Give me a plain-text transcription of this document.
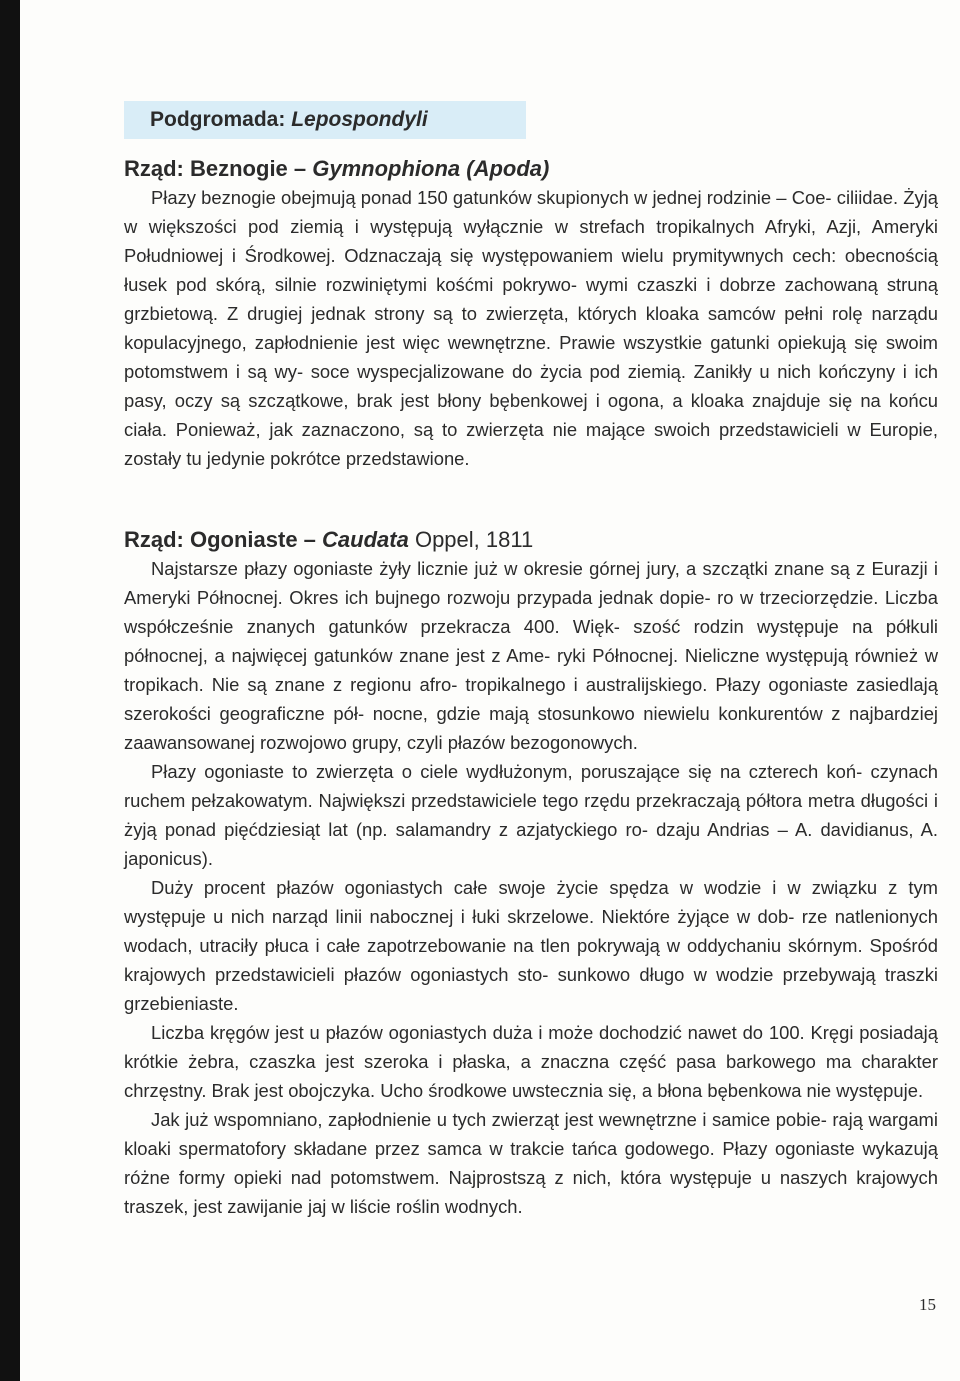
Podgromada: Lepospondyli
Rząd: Beznogie – Gymnophiona (Apoda)

Płazy beznogie obejmują ponad 150 gatunków skupionych w jednej rodzinie – Coe- ciliidae. Żyją w większości pod ziemią i występują wyłącznie w strefach tropikalnych Afryki, Azji, Ameryki Południowej i Środkowej. Odznaczają się występowaniem wielu prymitywnych cech: obecnością łusek pod skórą, silnie rozwiniętymi kośćmi pokrywo- wymi czaszki i dobrze zachowaną struną grzbietową. Z drugiej jednak strony są to zwierzęta, których kloaka samców pełni rolę narządu kopulacyjnego, zapłodnienie jest więc wewnętrzne. Prawie wszystkie gatunki opiekują się swoim potomstwem i są wy- soce wyspecjalizowane do życia pod ziemią. Zanikły u nich kończyny i ich pasy, oczy są szczątkowe, brak jest błony bębenkowej i ogona, a kloaka znajduje się na końcu ciała. Ponieważ, jak zaznaczono, są to zwierzęta nie mające swoich przedstawicieli w Europie, zostały tu jedynie pokrótce przedstawione.

Rząd: Ogoniaste – Caudata Oppel, 1811

Najstarsze płazy ogoniaste żyły licznie już w okresie górnej jury, a szczątki znane są z Eurazji i Ameryki Północnej. Okres ich bujnego rozwoju przypada jednak dopie- ro w trzeciorzędzie. Liczba współcześnie znanych gatunków przekracza 400. Więk- szość rodzin występuje na półkuli północnej, a najwięcej gatunków znane jest z Ame- ryki Północnej. Nieliczne występują również w tropikach. Nie są znane z regionu afro- tropikalnego i australijskiego. Płazy ogoniaste zasiedlają szerokości geograficzne pół- nocne, gdzie mają stosunkowo niewielu konkurentów z najbardziej zaawansowanej rozwojowo grupy, czyli płazów bezogonowych.

Płazy ogoniaste to zwierzęta o ciele wydłużonym, poruszające się na czterech koń- czynach ruchem pełzakowatym. Największi przedstawiciele tego rzędu przekraczają półtora metra długości i żyją ponad pięćdziesiąt lat (np. salamandry z azjatyckiego ro- dzaju Andrias – A. davidianus, A. japonicus).

Duży procent płazów ogoniastych całe swoje życie spędza w wodzie i w związku z tym występuje u nich narząd linii nabocznej i łuki skrzelowe. Niektóre żyjące w dob- rze natlenionych wodach, utraciły płuca i całe zapotrzebowanie na tlen pokrywają w oddychaniu skórnym. Spośród krajowych przedstawicieli płazów ogoniastych sto- sunkowo długo w wodzie przebywają traszki grzebieniaste.

Liczba kręgów jest u płazów ogoniastych duża i może dochodzić nawet do 100. Kręgi posiadają krótkie żebra, czaszka jest szeroka i płaska, a znaczna część pasa barkowego ma charakter chrzęstny. Brak jest obojczyka. Ucho środkowe uwstecznia się, a błona bębenkowa nie występuje.

Jak już wspomniano, zapłodnienie u tych zwierząt jest wewnętrzne i samice pobie- rają wargami kloaki spermatofory składane przez samca w trakcie tańca godowego. Płazy ogoniaste wykazują różne formy opieki nad potomstwem. Najprostszą z nich, która występuje u naszych krajowych traszek, jest zawijanie jaj w liście roślin wodnych.

15
